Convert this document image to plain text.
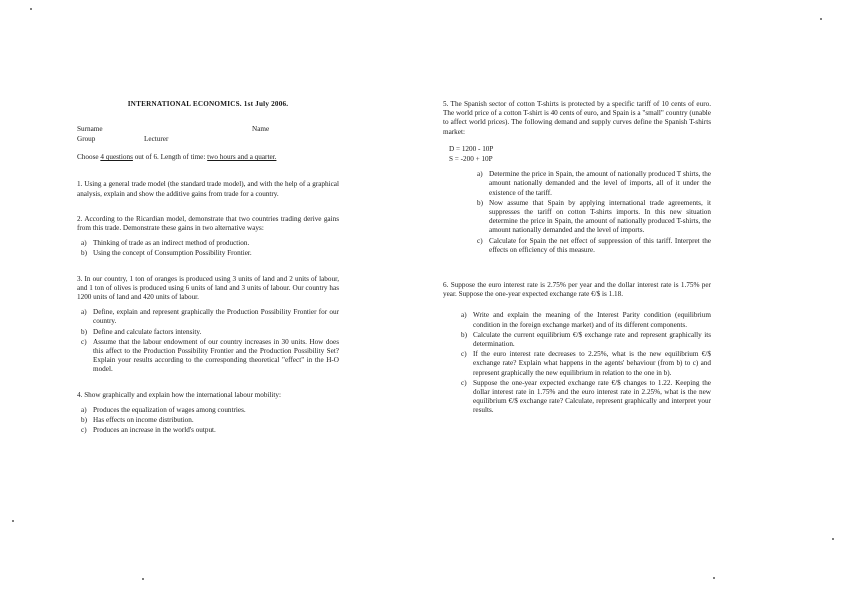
INTERNATIONAL ECONOMICS. 1st July 2006.
Surname	Name
Group	Lecturer

Choose 4 questions out of 6. Length of time: two hours and a quarter.

1. Using a general trade model (the standard trade model), and with the help of a graphical analysis, explain and show the additive gains from trade for a country.

2. According to the Ricardian model, demonstrate that two countries trading derive gains from this trade. Demonstrate these gains in two alternative ways:

a) Thinking of trade as an indirect method of production.
b) Using the concept of Consumption Possibility Frontier.

3. In our country, 1 ton of oranges is produced using 3 units of land and 2 units of labour, and 1 ton of olives is produced using 6 units of land and 3 units of labour. Our country has 1200 units of land and 420 units of labour.

a) Define, explain and represent graphically the Production Possibility Frontier for our country.
b) Define and calculate factors intensity.
c) Assume that the labour endowment of our country increases in 30 units. How does this affect to the Production Possibility Frontier and the Production Possibility Set? Explain your results according to the corresponding theoretical "effect" in the H-O model.

4. Show graphically and explain how the international labour mobility:

a) Produces the equalization of wages among countries.
b) Has effects on income distribution.
c) Produces an increase in the world's output.

5. The Spanish sector of cotton T-shirts is protected by a specific tariff of 10 cents of euro. The world price of a cotton T-shirt is 40 cents of euro, and Spain is a "small" country (unable to affect world prices). The following demand and supply curves define the Spanish T-shirts market:

D = 1200 - 10P
S = -200 + 10P
a) Determine the price in Spain, the amount of nationally produced T shirts, the amount nationally demanded and the level of imports, all of it under the existence of the tariff.
b) Now assume that Spain by applying international trade agreements, it suppresses the tariff on cotton T-shirts imports. In this new situation determine the price in Spain, the amount of nationally produced T-shirts, the amount nationally demanded and the level of imports.
c) Calculate for Spain the net effect of suppression of this tariff. Interpret the effects on efficiency of this measure.

6. Suppose the euro interest rate is 2.75% per year and the dollar interest rate is 1.75% per year. Suppose the one-year expected exchange rate €/$ is 1.18.

a) Write and explain the meaning of the Interest Parity condition (equilibrium condition in the foreign exchange market) and of its different components.
b) Calculate the current equilibrium €/$ exchange rate and represent graphically its determination.
c) If the euro interest rate decreases to 2.25%, what is the new equilibrium €/$ exchange rate? Explain what happens in the agents' behaviour (from b) to c) and represent graphically the new equilibrium in relation to the one in b).
c) Suppose the one-year expected exchange rate €/$ changes to 1.22. Keeping the dollar interest rate in 1.75% and the euro interest rate in 2.25%, what is the new equilibrium €/$ exchange rate? Calculate, represent graphically and interpret your results.
